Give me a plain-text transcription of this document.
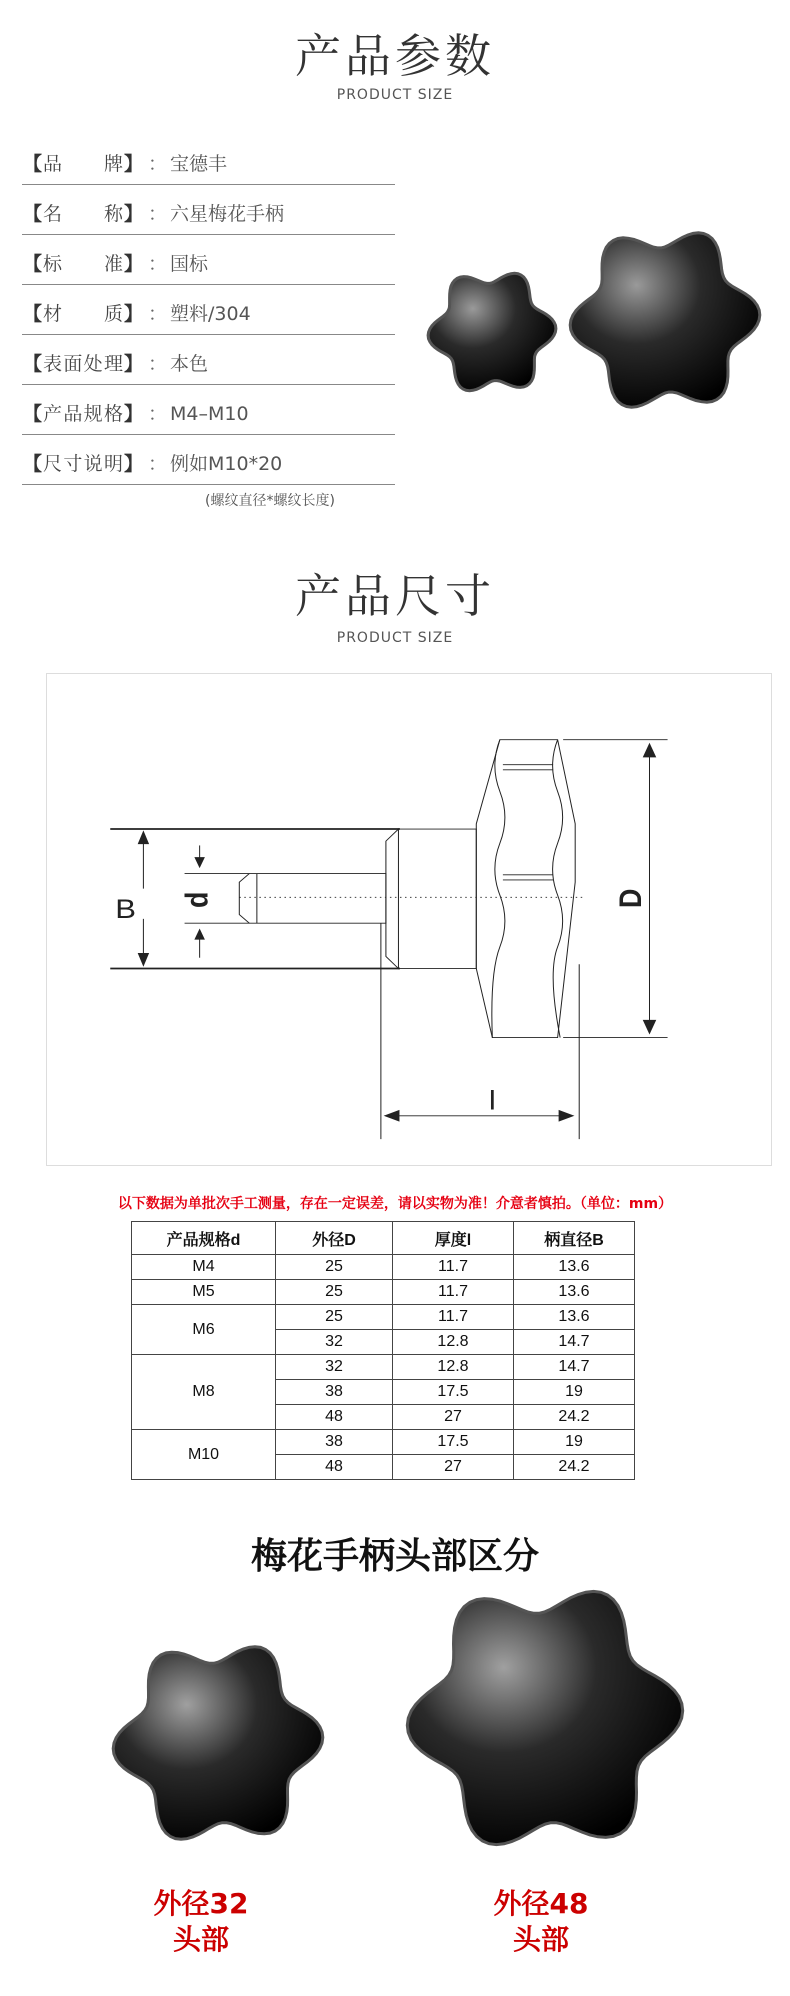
产品参数
PRODUCT SIZE
【 品牌 】 ： 宝德丰
【 名称 】 ： 六星梅花手柄
【 标准 】 ： 国标
【 材质 】 ： 塑料/304
【 表面处理 】 ： 本色
【 产品规格 】 ： M4–M10
【 尺寸说明 】 ： 例如M10*20
(螺纹直径*螺纹长度)
产品尺寸
PRODUCT SIZE
B d	D
l
以下数据为单批次手工测量，存在一定误差，请以实物为准！介意者慎拍。（单位：mm）
产品规格d	外径D	厚度l	柄直径B
M4	25	11.7	13.6
M5	25	11.7	13.6
M6	25	11.7	13.6
	32	12.8	14.7
M8	32	12.8	14.7
	38	17.5	19
	48	27	24.2
M10	38	17.5	19
	48	27	24.2
梅花手柄头部区分
外径32
头部
外径48
头部
